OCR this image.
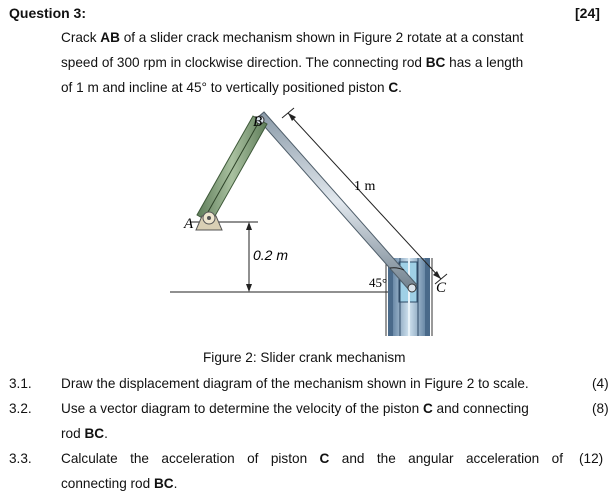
Question 3:	[24]
Crack AB of a slider crack mechanism shown in Figure 2 rotate at a constant
speed of 300 rpm in clockwise direction. The connecting rod BC has a length
of 1 m and incline at 45° to vertically positioned piston C.
B
A
C
1 m
45°
0.2 m
Figure 2: Slider crank mechanism
3.1. Draw the displacement diagram of the mechanism shown in Figure 2 to scale.	(4)
3.2. Use a vector diagram to determine the velocity of the piston C and connecting
rod BC.
(8)
3.3. Calculate the acceleration of piston C and the angular acceleration of
connecting rod BC.
(12)
